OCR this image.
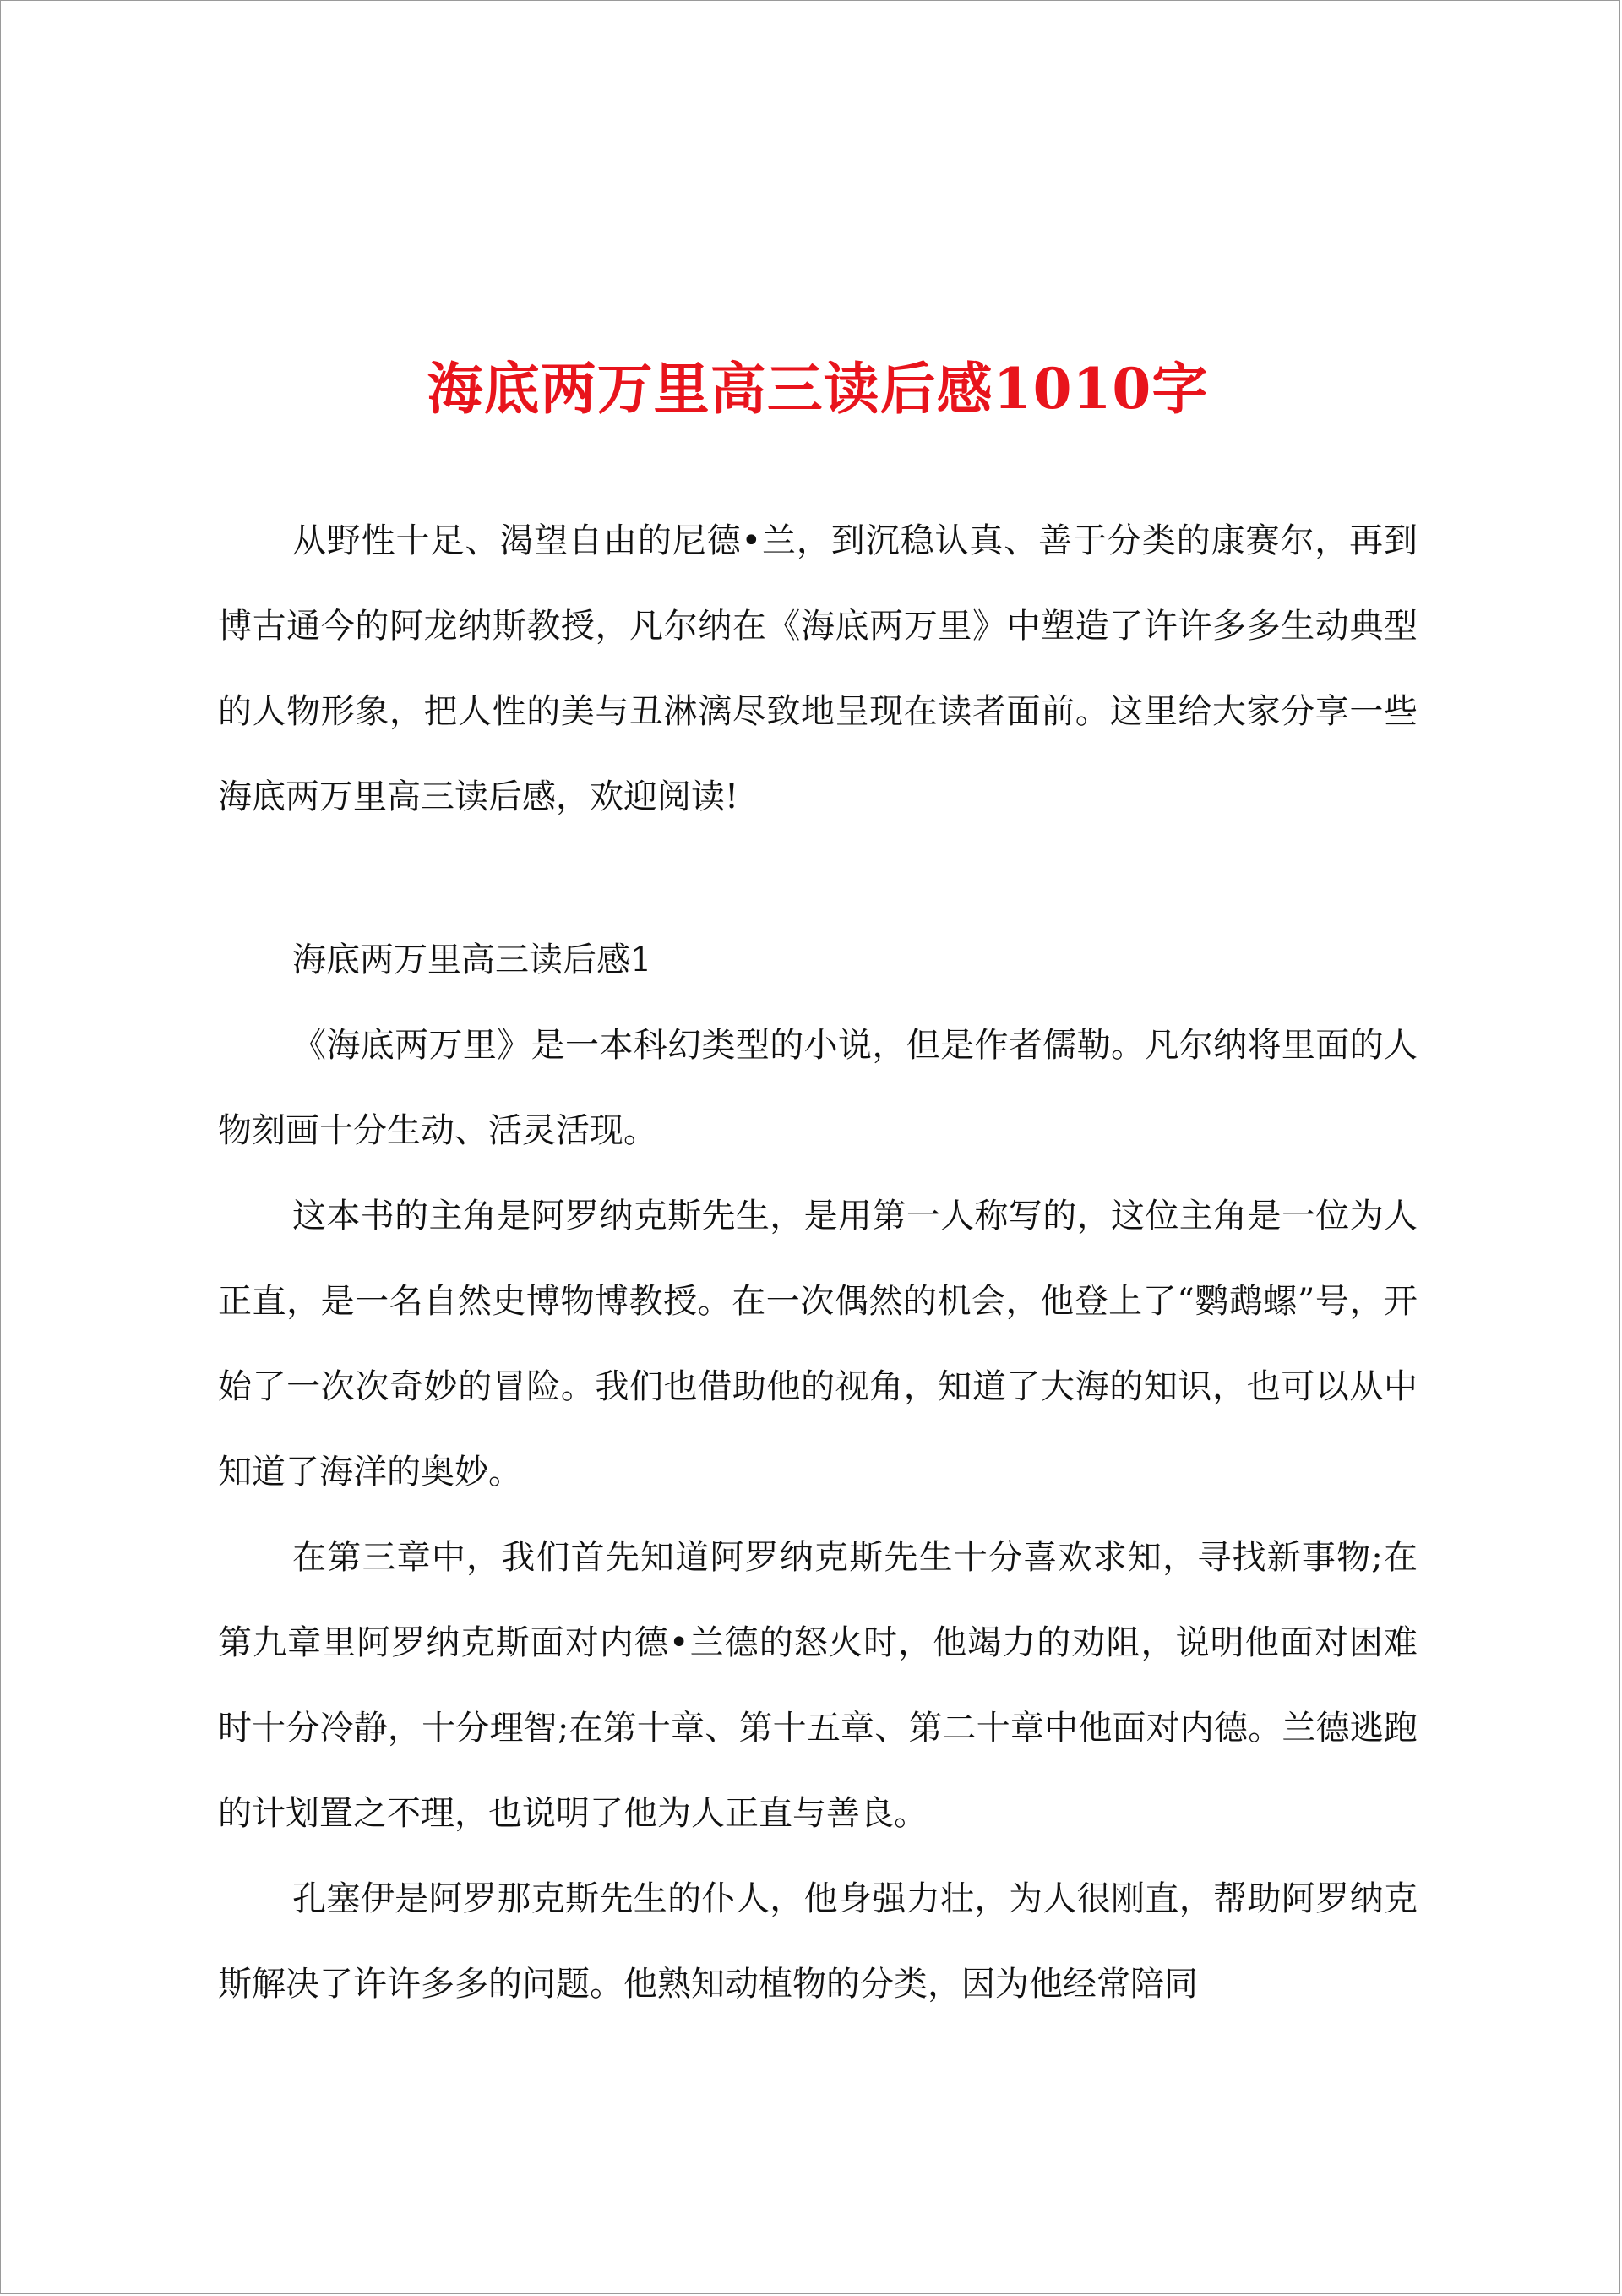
海底两万里高三读后感1010字

从野性十足、渴望自由的尼德•兰，到沉稳认真、善于分类的康赛尔，再到博古通今的阿龙纳斯教授，凡尔纳在《海底两万里》中塑造了许许多多生动典型的人物形象，把人性的美与丑淋漓尽致地呈现在读者面前。这里给大家分享一些海底两万里高三读后感，欢迎阅读!

海底两万里高三读后感1

《海底两万里》是一本科幻类型的小说，但是作者儒勒。凡尔纳将里面的人物刻画十分生动、活灵活现。

这本书的主角是阿罗纳克斯先生，是用第一人称写的，这位主角是一位为人正直，是一名自然史博物博教授。在一次偶然的机会，他登上了“鹦鹉螺”号，开始了一次次奇妙的冒险。我们也借助他的视角，知道了大海的知识，也可以从中知道了海洋的奥妙。

在第三章中，我们首先知道阿罗纳克斯先生十分喜欢求知，寻找新事物;在第九章里阿罗纳克斯面对内德•兰德的怒火时，他竭力的劝阻，说明他面对困难时十分冷静，十分理智;在第十章、第十五章、第二十章中他面对内德。兰德逃跑的计划置之不理，也说明了他为人正直与善良。

孔塞伊是阿罗那克斯先生的仆人，他身强力壮，为人很刚直，帮助阿罗纳克斯解决了许许多多的问题。他熟知动植物的分类，因为他经常陪同
